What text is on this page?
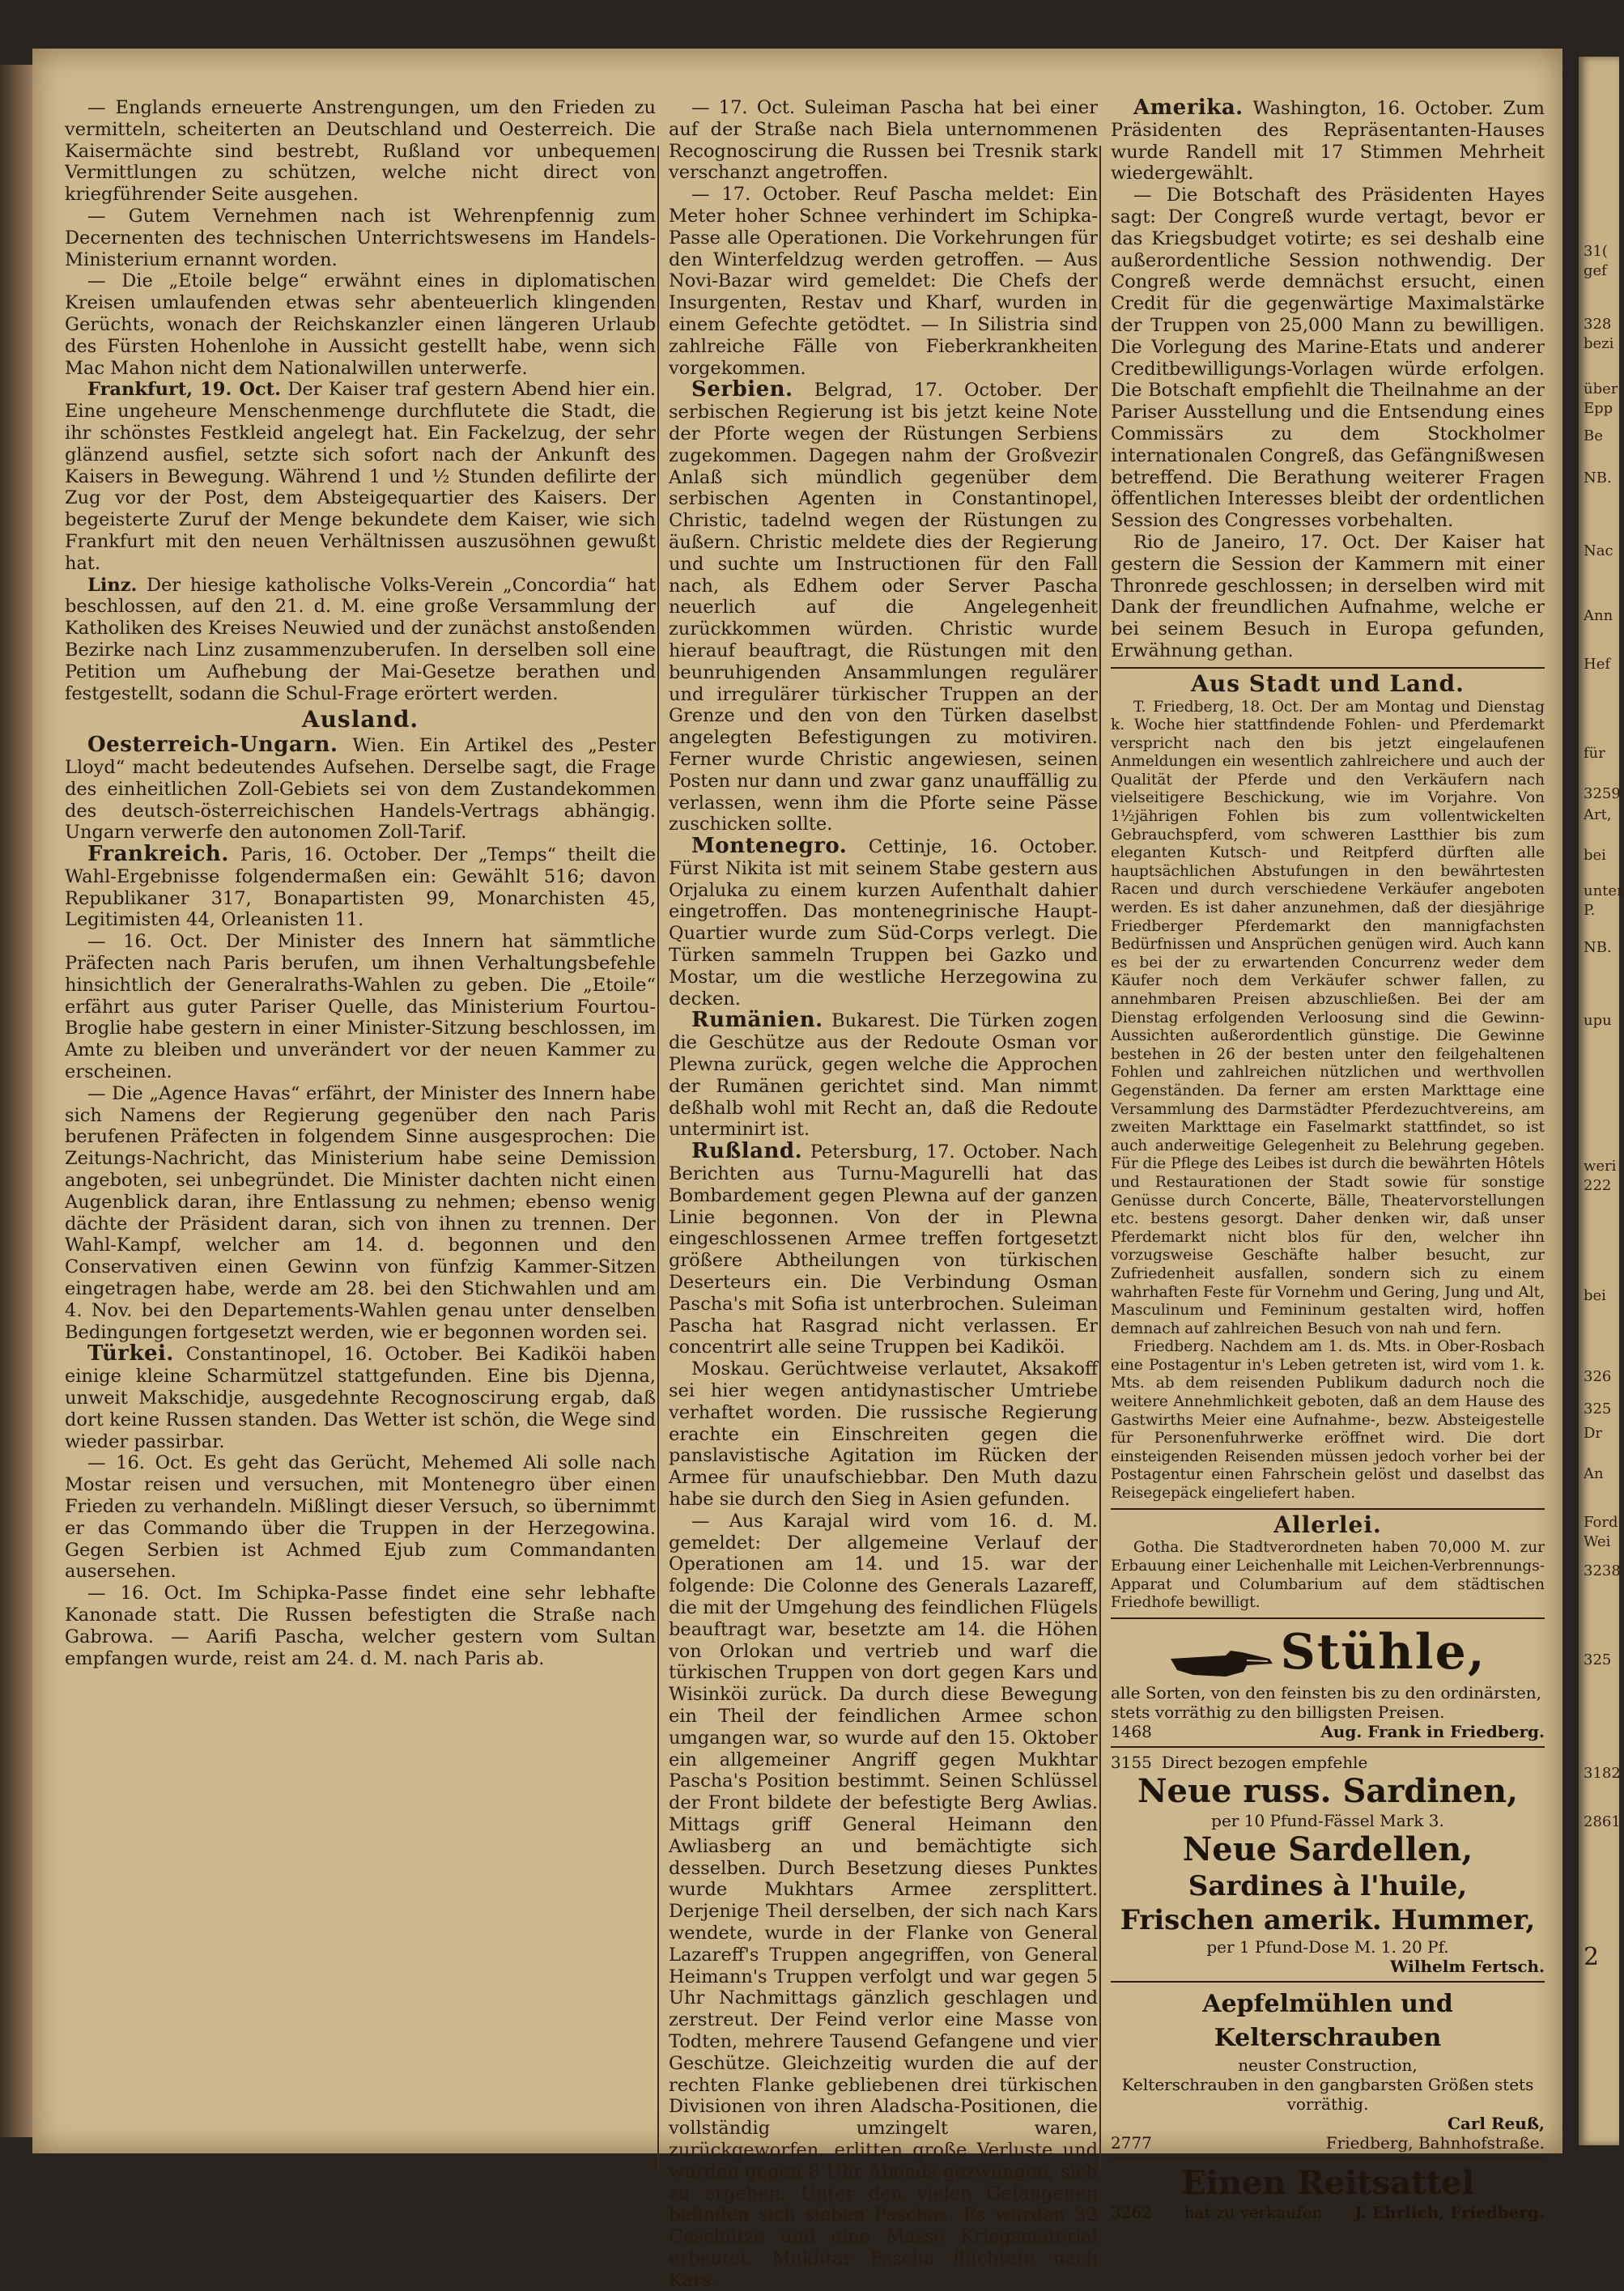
— Englands erneuerte Anstrengungen, um den Frieden zu vermitteln, scheiterten an Deutschland und Oesterreich. Die Kaisermächte sind bestrebt, Rußland vor unbequemen Vermittlungen zu schützen, welche nicht direct von kriegführender Seite ausgehen.

— Gutem Vernehmen nach ist Wehrenpfennig zum Decernenten des technischen Unterrichtswesens im Handels-Ministerium ernannt worden.

— Die „Etoile belge“ erwähnt eines in diplomatischen Kreisen umlaufenden etwas sehr abenteuerlich klingenden Gerüchts, wonach der Reichskanzler einen längeren Urlaub des Fürsten Hohenlohe in Aussicht gestellt habe, wenn sich Mac Mahon nicht dem Nationalwillen unterwerfe.

Frankfurt, 19. Oct. Der Kaiser traf gestern Abend hier ein. Eine ungeheure Menschenmenge durchflutete die Stadt, die ihr schönstes Festkleid angelegt hat. Ein Fackelzug, der sehr glänzend ausfiel, setzte sich sofort nach der Ankunft des Kaisers in Bewegung. Während 1 und ½ Stunden defilirte der Zug vor der Post, dem Absteigequartier des Kaisers. Der begeisterte Zuruf der Menge bekundete dem Kaiser, wie sich Frankfurt mit den neuen Verhältnissen auszusöhnen gewußt hat.

Linz. Der hiesige katholische Volks-Verein „Concordia“ hat beschlossen, auf den 21. d. M. eine große Versammlung der Katholiken des Kreises Neuwied und der zunächst anstoßenden Bezirke nach Linz zusammenzuberufen. In derselben soll eine Petition um Aufhebung der Mai-Gesetze berathen und festgestellt, sodann die Schul-Frage erörtert werden.

Ausland.

Oesterreich-Ungarn. Wien. Ein Artikel des „Pester Lloyd“ macht bedeutendes Aufsehen. Derselbe sagt, die Frage des einheitlichen Zoll-Gebiets sei von dem Zustandekommen des deutsch-österreichischen Handels-Vertrags abhängig. Ungarn verwerfe den autonomen Zoll-Tarif.

Frankreich. Paris, 16. October. Der „Temps“ theilt die Wahl-Ergebnisse folgendermaßen ein: Gewählt 516; davon Republikaner 317, Bonapartisten 99, Monarchisten 45, Legitimisten 44, Orleanisten 11.

— 16. Oct. Der Minister des Innern hat sämmtliche Präfecten nach Paris berufen, um ihnen Verhaltungsbefehle hinsichtlich der Generalraths-Wahlen zu geben. Die „Etoile“ erfährt aus guter Pariser Quelle, das Ministerium Fourtou-Broglie habe gestern in einer Minister-Sitzung beschlossen, im Amte zu bleiben und unverändert vor der neuen Kammer zu erscheinen.

— Die „Agence Havas“ erfährt, der Minister des Innern habe sich Namens der Regierung gegenüber den nach Paris berufenen Präfecten in folgendem Sinne ausgesprochen: Die Zeitungs-Nachricht, das Ministerium habe seine Demission angeboten, sei unbegründet. Die Minister dachten nicht einen Augenblick daran, ihre Entlassung zu nehmen; ebenso wenig dächte der Präsident daran, sich von ihnen zu trennen. Der Wahl-Kampf, welcher am 14. d. begonnen und den Conservativen einen Gewinn von fünfzig Kammer-Sitzen eingetragen habe, werde am 28. bei den Stichwahlen und am 4. Nov. bei den Departements-Wahlen genau unter denselben Bedingungen fortgesetzt werden, wie er begonnen worden sei.

Türkei. Constantinopel, 16. October. Bei Kadiköi haben einige kleine Scharmützel stattgefunden. Eine bis Djenna, unweit Makschidje, ausgedehnte Recognoscirung ergab, daß dort keine Russen standen. Das Wetter ist schön, die Wege sind wieder passirbar.

— 16. Oct. Es geht das Gerücht, Mehemed Ali solle nach Mostar reisen und versuchen, mit Montenegro über einen Frieden zu verhandeln. Mißlingt dieser Versuch, so übernimmt er das Commando über die Truppen in der Herzegowina. Gegen Serbien ist Achmed Ejub zum Commandanten ausersehen.

— 16. Oct. Im Schipka-Passe findet eine sehr lebhafte Kanonade statt. Die Russen befestigten die Straße nach Gabrowa. — Aarifi Pascha, welcher gestern vom Sultan empfangen wurde, reist am 24. d. M. nach Paris ab.

— 17. Oct. Suleiman Pascha hat bei einer auf der Straße nach Biela unternommenen Recognoscirung die Russen bei Tresnik stark verschanzt angetroffen.

— 17. October. Reuf Pascha meldet: Ein Meter hoher Schnee verhindert im Schipka-Passe alle Operationen. Die Vorkehrungen für den Winterfeldzug werden getroffen. — Aus Novi-Bazar wird gemeldet: Die Chefs der Insurgenten, Restav und Kharf, wurden in einem Gefechte getödtet. — In Silistria sind zahlreiche Fälle von Fieberkrankheiten vorgekommen.

Serbien. Belgrad, 17. October. Der serbischen Regierung ist bis jetzt keine Note der Pforte wegen der Rüstungen Serbiens zugekommen. Dagegen nahm der Großvezir Anlaß sich mündlich gegenüber dem serbischen Agenten in Constantinopel, Christic, tadelnd wegen der Rüstungen zu äußern. Christic meldete dies der Regierung und suchte um Instructionen für den Fall nach, als Edhem oder Server Pascha neuerlich auf die Angelegenheit zurückkommen würden. Christic wurde hierauf beauftragt, die Rüstungen mit den beunruhigenden Ansammlungen regulärer und irregulärer türkischer Truppen an der Grenze und den von den Türken daselbst angelegten Befestigungen zu motiviren. Ferner wurde Christic angewiesen, seinen Posten nur dann und zwar ganz unauffällig zu verlassen, wenn ihm die Pforte seine Pässe zuschicken sollte.

Montenegro. Cettinje, 16. October. Fürst Nikita ist mit seinem Stabe gestern aus Orjaluka zu einem kurzen Aufenthalt dahier eingetroffen. Das montenegrinische Haupt-Quartier wurde zum Süd-Corps verlegt. Die Türken sammeln Truppen bei Gazko und Mostar, um die westliche Herzegowina zu decken.

Rumänien. Bukarest. Die Türken zogen die Geschütze aus der Redoute Osman vor Plewna zurück, gegen welche die Approchen der Rumänen gerichtet sind. Man nimmt deßhalb wohl mit Recht an, daß die Redoute unterminirt ist.

Rußland. Petersburg, 17. October. Nach Berichten aus Turnu-Magurelli hat das Bombardement gegen Plewna auf der ganzen Linie begonnen. Von der in Plewna eingeschlossenen Armee treffen fortgesetzt größere Abtheilungen von türkischen Deserteurs ein. Die Verbindung Osman Pascha's mit Sofia ist unterbrochen. Suleiman Pascha hat Rasgrad nicht verlassen. Er concentrirt alle seine Truppen bei Kadiköi.

Moskau. Gerüchtweise verlautet, Aksakoff sei hier wegen antidynastischer Umtriebe verhaftet worden. Die russische Regierung erachte ein Einschreiten gegen die panslavistische Agitation im Rücken der Armee für unaufschiebbar. Den Muth dazu habe sie durch den Sieg in Asien gefunden.

— Aus Karajal wird vom 16. d. M. gemeldet: Der allgemeine Verlauf der Operationen am 14. und 15. war der folgende: Die Colonne des Generals Lazareff, die mit der Umgehung des feindlichen Flügels beauftragt war, besetzte am 14. die Höhen von Orlokan und vertrieb und warf die türkischen Truppen von dort gegen Kars und Wisinköi zurück. Da durch diese Bewegung ein Theil der feindlichen Armee schon umgangen war, so wurde auf den 15. Oktober ein allgemeiner Angriff gegen Mukhtar Pascha's Position bestimmt. Seinen Schlüssel der Front bildete der befestigte Berg Awlias. Mittags griff General Heimann den Awliasberg an und bemächtigte sich desselben. Durch Besetzung dieses Punktes wurde Mukhtars Armee zersplittert. Derjenige Theil derselben, der sich nach Kars wendete, wurde in der Flanke von General Lazareff's Truppen angegriffen, von General Heimann's Truppen verfolgt und war gegen 5 Uhr Nachmittags gänzlich geschlagen und zerstreut. Der Feind verlor eine Masse von Todten, mehrere Tausend Gefangene und vier Geschütze. Gleichzeitig wurden die auf der rechten Flanke gebliebenen drei türkischen Divisionen von ihren Aladscha-Positionen, die vollständig umzingelt waren, zurückgeworfen, erlitten große Verluste und wurden gegen 8 Uhr Abends gezwungen, sich zu ergeben. Unter den vielen Gefangenen befinden sich sieben Paschas. Es wurden 32 Geschütze und eine Masse Kriegsmaterial erbeutet. Mukhtar Pascha flüchtete nach Kars.

Amerika. Washington, 16. October. Zum Präsidenten des Repräsentanten-Hauses wurde Randell mit 17 Stimmen Mehrheit wiedergewählt.

— Die Botschaft des Präsidenten Hayes sagt: Der Congreß wurde vertagt, bevor er das Kriegsbudget votirte; es sei deshalb eine außerordentliche Session nothwendig. Der Congreß werde demnächst ersucht, einen Credit für die gegenwärtige Maximalstärke der Truppen von 25,000 Mann zu bewilligen. Die Vorlegung des Marine-Etats und anderer Creditbewilligungs-Vorlagen würde erfolgen. Die Botschaft empfiehlt die Theilnahme an der Pariser Ausstellung und die Entsendung eines Commissärs zu dem Stockholmer internationalen Congreß, das Gefängnißwesen betreffend. Die Berathung weiterer Fragen öffentlichen Interesses bleibt der ordentlichen Session des Congresses vorbehalten.

Rio de Janeiro, 17. Oct. Der Kaiser hat gestern die Session der Kammern mit einer Thronrede geschlossen; in derselben wird mit Dank der freundlichen Aufnahme, welche er bei seinem Besuch in Europa gefunden, Erwähnung gethan.

Aus Stadt und Land.

T. Friedberg, 18. Oct. Der am Montag und Dienstag k. Woche hier stattfindende Fohlen- und Pferdemarkt verspricht nach den bis jetzt eingelaufenen Anmeldungen ein wesentlich zahlreichere und auch der Qualität der Pferde und den Verkäufern nach vielseitigere Beschickung, wie im Vorjahre. Von 1½jährigen Fohlen bis zum vollentwickelten Gebrauchspferd, vom schweren Lastthier bis zum eleganten Kutsch- und Reitpferd dürften alle hauptsächlichen Abstufungen in den bewährtesten Racen und durch verschiedene Verkäufer angeboten werden. Es ist daher anzunehmen, daß der diesjährige Friedberger Pferdemarkt den mannigfachsten Bedürfnissen und Ansprüchen genügen wird. Auch kann es bei der zu erwartenden Concurrenz weder dem Käufer noch dem Verkäufer schwer fallen, zu annehmbaren Preisen abzuschließen. Bei der am Dienstag erfolgenden Verloosung sind die Gewinn-Aussichten außerordentlich günstige. Die Gewinne bestehen in 26 der besten unter den feilgehaltenen Fohlen und zahlreichen nützlichen und werthvollen Gegenständen. Da ferner am ersten Markttage eine Versammlung des Darmstädter Pferdezuchtvereins, am zweiten Markttage ein Faselmarkt stattfindet, so ist auch anderweitige Gelegenheit zu Belehrung gegeben. Für die Pflege des Leibes ist durch die bewährten Hôtels und Restaurationen der Stadt sowie für sonstige Genüsse durch Concerte, Bälle, Theatervorstellungen etc. bestens gesorgt. Daher denken wir, daß unser Pferdemarkt nicht blos für den, welcher ihn vorzugsweise Geschäfte halber besucht, zur Zufriedenheit ausfallen, sondern sich zu einem wahrhaften Feste für Vornehm und Gering, Jung und Alt, Masculinum und Femininum gestalten wird, hoffen demnach auf zahlreichen Besuch von nah und fern.

Friedberg. Nachdem am 1. ds. Mts. in Ober-Rosbach eine Postagentur in's Leben getreten ist, wird vom 1. k. Mts. ab dem reisenden Publikum dadurch noch die weitere Annehmlichkeit geboten, daß an dem Hause des Gastwirths Meier eine Aufnahme-, bezw. Absteigestelle für Personenfuhrwerke eröffnet wird. Die dort einsteigenden Reisenden müssen jedoch vorher bei der Postagentur einen Fahrschein gelöst und daselbst das Reisegepäck eingeliefert haben.

Allerlei.

Gotha. Die Stadtverordneten haben 70,000 M. zur Erbauung einer Leichenhalle mit Leichen-Verbrennungs-Apparat und Columbarium auf dem städtischen Friedhofe bewilligt.

Stühle,
alle Sorten, von den feinsten bis zu den ordinärsten, stets vorräthig zu den billigsten Preisen.
1468	Aug. Frank in Friedberg.
3155 Direct bezogen empfehle
Neue russ. Sardinen,
per 10 Pfund-Fässel Mark 3.
Neue Sardellen,
Sardines à l'huile,
Frischen amerik. Hummer,
per 1 Pfund-Dose M. 1. 20 Pf.
Wilhelm Fertsch.
Aepfelmühlen und Kelterschrauben
neuster Construction,
Kelterschrauben in den gangbarsten Größen stets vorräthig.
Carl Reuß,
2777	Friedberg, Bahnhofstraße.
Einen Reitsattel
3262 hat zu verkaufen J. Ehrlich, Friedberg.
31(
gef
328
bezi
über
Epp
Be
NB.
Nac
Ann
Hef
für
3259
Art,
bei
unter
P.
NB.
upu
weri
222
bei
326
325
Dr
An
Ford
Wei
3238
325
3182
2861
2
